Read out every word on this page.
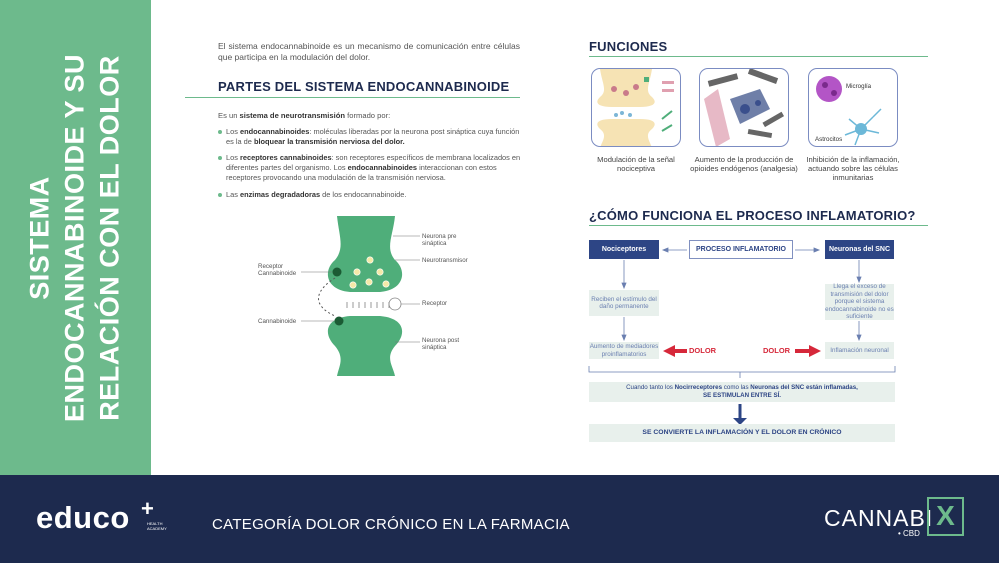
SISTEMA ENDOCANNABINOIDE Y SU RELACIÓN CON EL DOLOR
El sistema endocannabinoide es un mecanismo de comunicación entre células que participa en la modulación del dolor.
PARTES DEL SISTEMA ENDOCANNABINOIDE
Es un sistema de neurotransmisión formado por:
Los endocannabinoides: moléculas liberadas por la neurona post sináptica cuya función es la de bloquear la transmisión nerviosa del dolor.
Los receptores cannabinoides: son receptores específicos de membrana localizados en diferentes partes del organismo. Los endocannabinoides interaccionan con estos receptores provocando una modulación de la transmisión nerviosa.
Las enzimas degradadoras de los endocannabinoide.
Neurona pre sináptica
Neurotransmisor
Receptor
Neurona post sináptica
Receptor Cannabinoide
Cannabinoide
FUNCIONES
Microglía
Astrocitos
Modulación de la señal nociceptiva
Aumento de la producción de opioides endógenos (analgesia)
Inhibición de la inflamación, actuando sobre las células inmunitarias
¿CÓMO FUNCIONA EL PROCESO INFLAMATORIO?
Nociceptores	PROCESO INFLAMATORIO	Neuronas del SNC
Reciben el estímulo del daño permanente
Aumento de mediadores proinflamatorios
Llega el exceso de transmisión del dolor porque el sistema endocannabinoide no es suficiente
Inflamación neuronal
DOLOR	DOLOR
Cuando tanto los Nocirreceptores como las Neuronas del SNC están inflamadas,
SE ESTIMULAN ENTRE SÍ.
SE CONVIERTE LA INFLAMACIÓN Y EL DOLOR EN CRÓNICO
educo +
HEALTH
ACADEMY	CATEGORÍA DOLOR CRÓNICO EN LA FARMACIA	CANNABI X
• CBD
